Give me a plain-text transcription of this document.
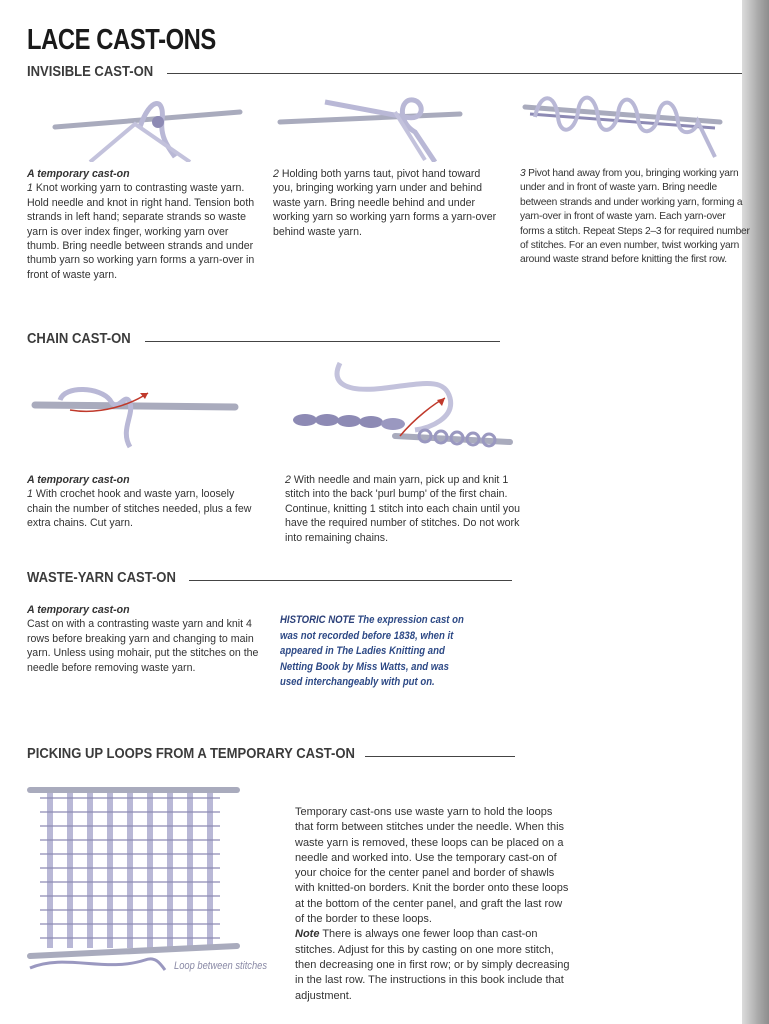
LACE CAST-ONS
INVISIBLE CAST-ON

A temporary cast-on

1 Knot working yarn to contrasting waste yarn. Hold needle and knot in right hand. Tension both strands in left hand; separate strands so waste yarn is over index finger, working yarn over thumb. Bring needle between strands and under thumb yarn so working yarn forms a yarn-over in front of waste yarn.

2 Holding both yarns taut, pivot hand toward you, bringing working yarn under and behind waste yarn. Bring needle behind and under working yarn so working yarn forms a yarn-over behind waste yarn.

3 Pivot hand away from you, bringing working yarn under and in front of waste yarn. Bring needle between strands and under working yarn, forming a yarn-over in front of waste yarn. Each yarn-over forms a stitch. Repeat Steps 2–3 for required number of stitches. For an even number, twist working yarn around waste strand before knitting the first row.

CHAIN CAST-ON

A temporary cast-on

1 With crochet hook and waste yarn, loosely chain the number of stitches needed, plus a few extra chains. Cut yarn.

2 With needle and main yarn, pick up and knit 1 stitch into the back 'purl bump' of the first chain. Continue, knitting 1 stitch into each chain until you have the required number of stitches. Do not work into remaining chains.

WASTE-YARN CAST-ON

A temporary cast-on

Cast on with a contrasting waste yarn and knit 4 rows before breaking yarn and changing to main yarn. Unless using mohair, put the stitches on the needle before removing waste yarn.

HISTORIC NOTE The expression cast on was not recorded before 1838, when it appeared in The Ladies Knitting and Netting Book by Miss Watts, and was used interchangeably with put on.
PICKING UP LOOPS FROM A TEMPORARY CAST-ON
Loop between stitches

Temporary cast-ons use waste yarn to hold the loops that form between stitches under the needle. When this waste yarn is removed, these loops can be placed on a needle and worked into. Use the temporary cast-on of your choice for the center panel and border of shawls with knitted-on borders. Knit the border onto these loops at the bottom of the center panel, and graft the last row of the border to these loops.

Note There is always one fewer loop than cast-on stitches. Adjust for this by casting on one more stitch, then decreasing one in first row; or by simply decreasing in the last row. The instructions in this book include that adjustment.
